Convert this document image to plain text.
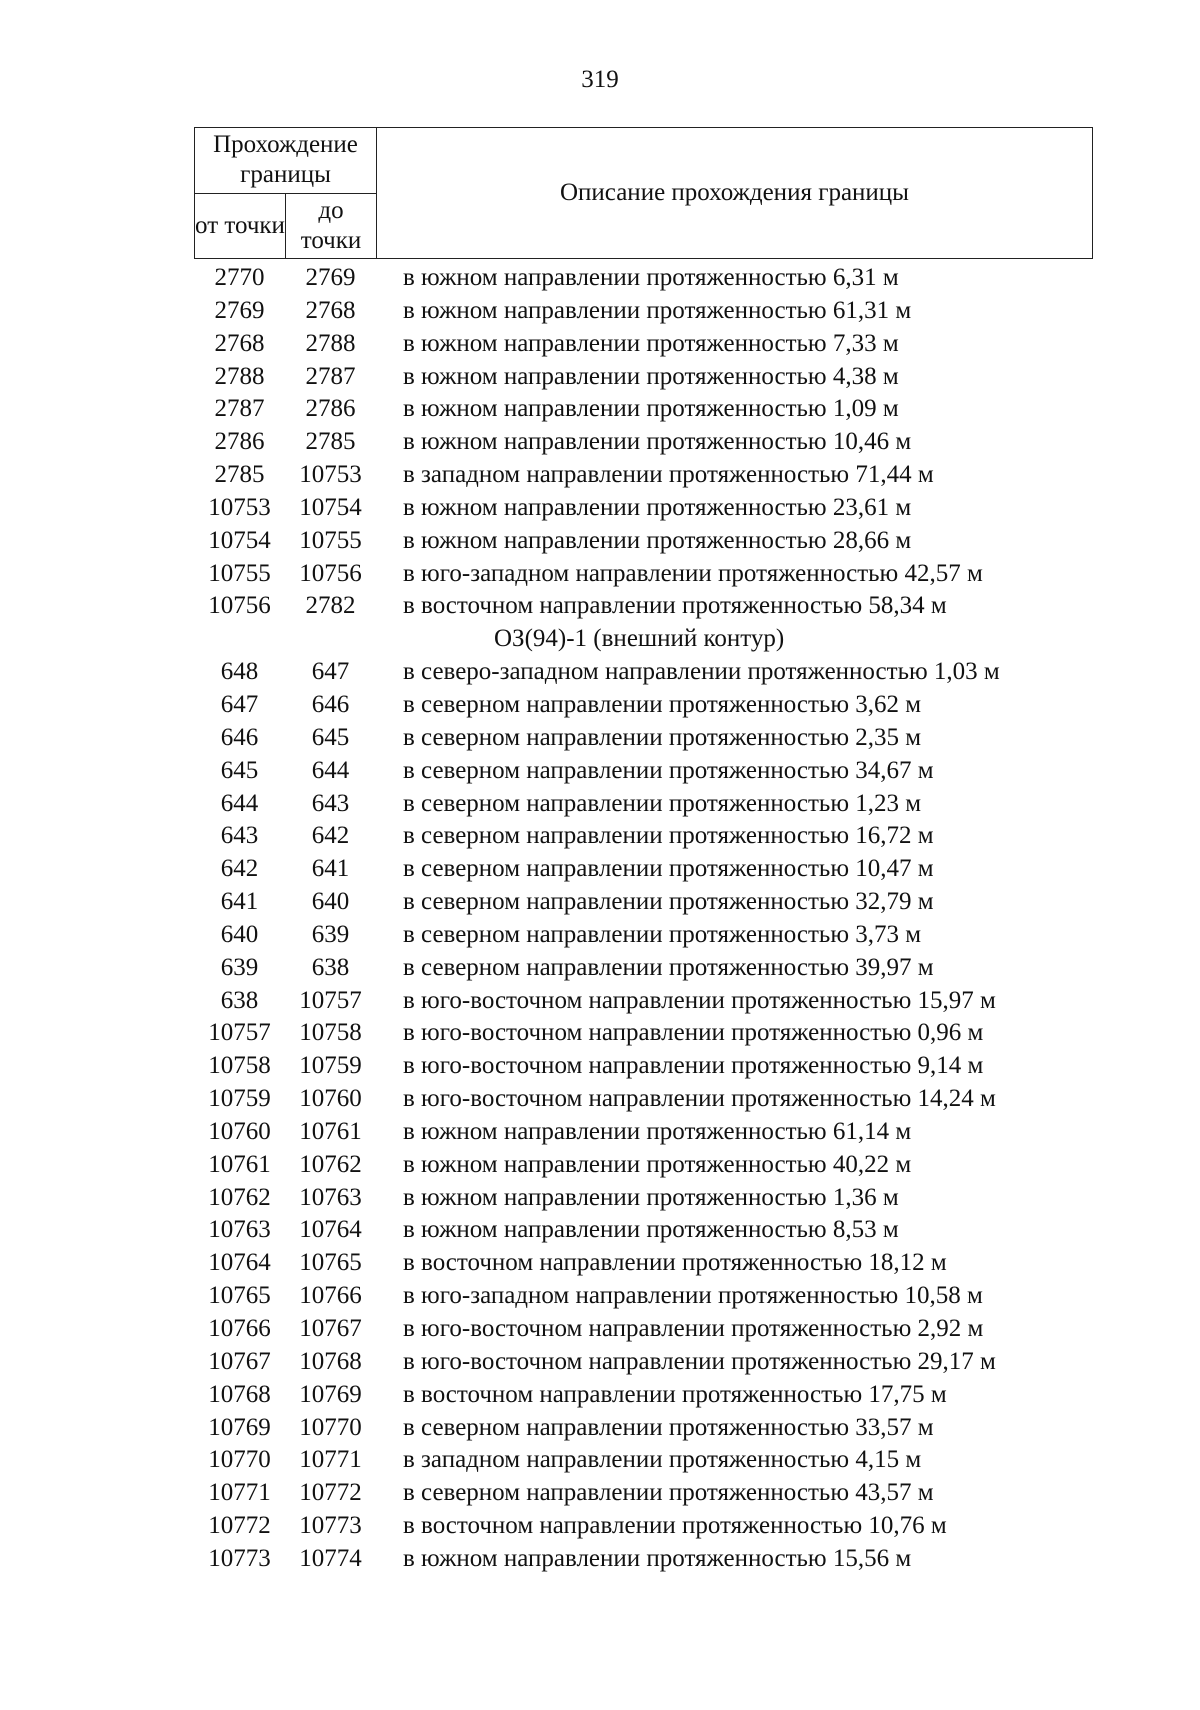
319
Прохождение границы		Описание прохождения границы
от точки	до точки	
2770	2769	в южном направлении протяженностью 6,31 м
2769	2768	в южном направлении протяженностью 61,31 м
2768	2788	в южном направлении протяженностью 7,33 м
2788	2787	в южном направлении протяженностью 4,38 м
2787	2786	в южном направлении протяженностью 1,09 м
2786	2785	в южном направлении протяженностью 10,46 м
2785	10753	в западном направлении протяженностью 71,44 м
10753	10754	в южном направлении протяженностью 23,61 м
10754	10755	в южном направлении протяженностью 28,66 м
10755	10756	в юго-западном направлении протяженностью 42,57 м
10756	2782	в восточном направлении протяженностью 58,34 м
ОЗ(94)-1 (внешний контур)
648	647	в северо-западном направлении протяженностью 1,03 м
647	646	в северном направлении протяженностью 3,62 м
646	645	в северном направлении протяженностью 2,35 м
645	644	в северном направлении протяженностью 34,67 м
644	643	в северном направлении протяженностью 1,23 м
643	642	в северном направлении протяженностью 16,72 м
642	641	в северном направлении протяженностью 10,47 м
641	640	в северном направлении протяженностью 32,79 м
640	639	в северном направлении протяженностью 3,73 м
639	638	в северном направлении протяженностью 39,97 м
638	10757	в юго-восточном направлении протяженностью 15,97 м
10757	10758	в юго-восточном направлении протяженностью 0,96 м
10758	10759	в юго-восточном направлении протяженностью 9,14 м
10759	10760	в юго-восточном направлении протяженностью 14,24 м
10760	10761	в южном направлении протяженностью 61,14 м
10761	10762	в южном направлении протяженностью 40,22 м
10762	10763	в южном направлении протяженностью 1,36 м
10763	10764	в южном направлении протяженностью 8,53 м
10764	10765	в восточном направлении протяженностью 18,12 м
10765	10766	в юго-западном направлении протяженностью 10,58 м
10766	10767	в юго-восточном направлении протяженностью 2,92 м
10767	10768	в юго-восточном направлении протяженностью 29,17 м
10768	10769	в восточном направлении протяженностью 17,75 м
10769	10770	в северном направлении протяженностью 33,57 м
10770	10771	в западном направлении протяженностью 4,15 м
10771	10772	в северном направлении протяженностью 43,57 м
10772	10773	в восточном направлении протяженностью 10,76 м
10773	10774	в южном направлении протяженностью 15,56 м
